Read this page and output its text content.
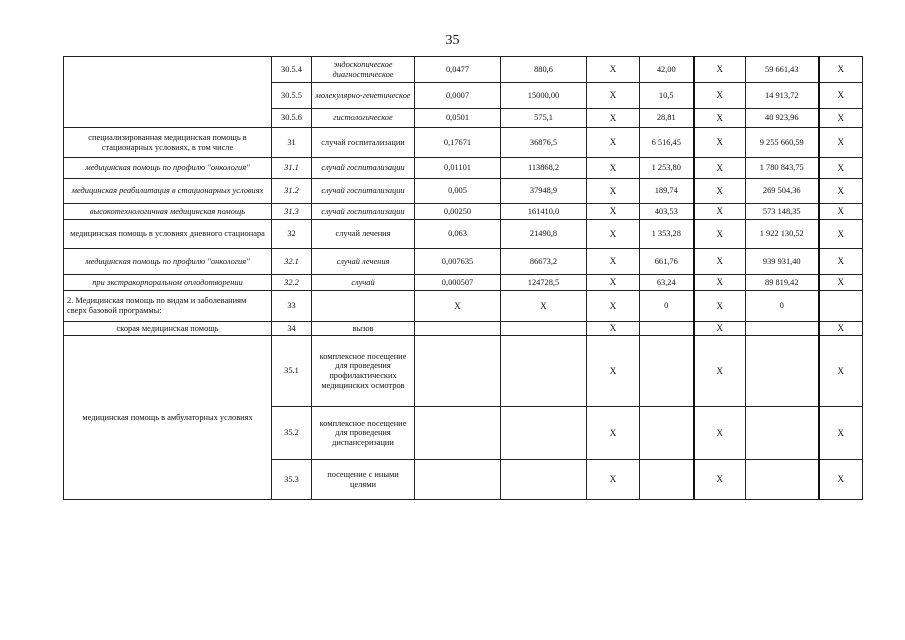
35
	30.5.4	эндоскопическое диагностическое	0,0477	880,6	X	42,00	X	59 661,43	X
	30.5.5	молекулярно-генетическое	0,0007	15000,00	X	10,5	X	14 913,72	X
	30.5.6	гистологическое	0,0501	575,1	X	28,81	X	40 923,96	X
специализированная медицинская помощь в стационарных условиях, в том числе	31	случай госпитализации	0,17671	36876,5	X	6 516,45	X	9 255 660,59	X
медицинская помощь по профилю "онкология"	31.1	случай госпитализации	0,01101	113868,2	X	1 253,80	X	1 780 843,75	X
медицинская реабилитация в стационарных условиях	31.2	случай госпитализации	0,005	37948,9	X	189,74	X	269 504,36	X
высокотехнологичная медицинская помощь	31.3	случай госпитализации	0,00250	161410,0	X	403,53	X	573 148,35	X
медицинская помощь в условиях дневного стационара	32	случай лечения	0,063	21490,8	X	1 353,28	X	1 922 130,52	X
медицинская помощь по профилю "онкология"	32.1	случай лечения	0,007635	86673,2	X	661,76	X	939 931,40	X
при экстракорпоральном оплодотворении	32.2	случай	0,000507	124728,5	X	63,24	X	89 819,42	X
2. Медицинская помощь по видам и заболеваниям сверх базовой программы:	33		X	X	X	0	X	0	
скорая медицинская помощь	34	вызов			X		X		X
медицинская помощь в амбулаторных условиях	35.1	комплексное посещение для проведения профилактических медицинских осмотров			X		X		X
	35.2	комплексное посещение для проведения диспансеризации			X		X		X
	35.3	посещение с иными целями			X		X		X
